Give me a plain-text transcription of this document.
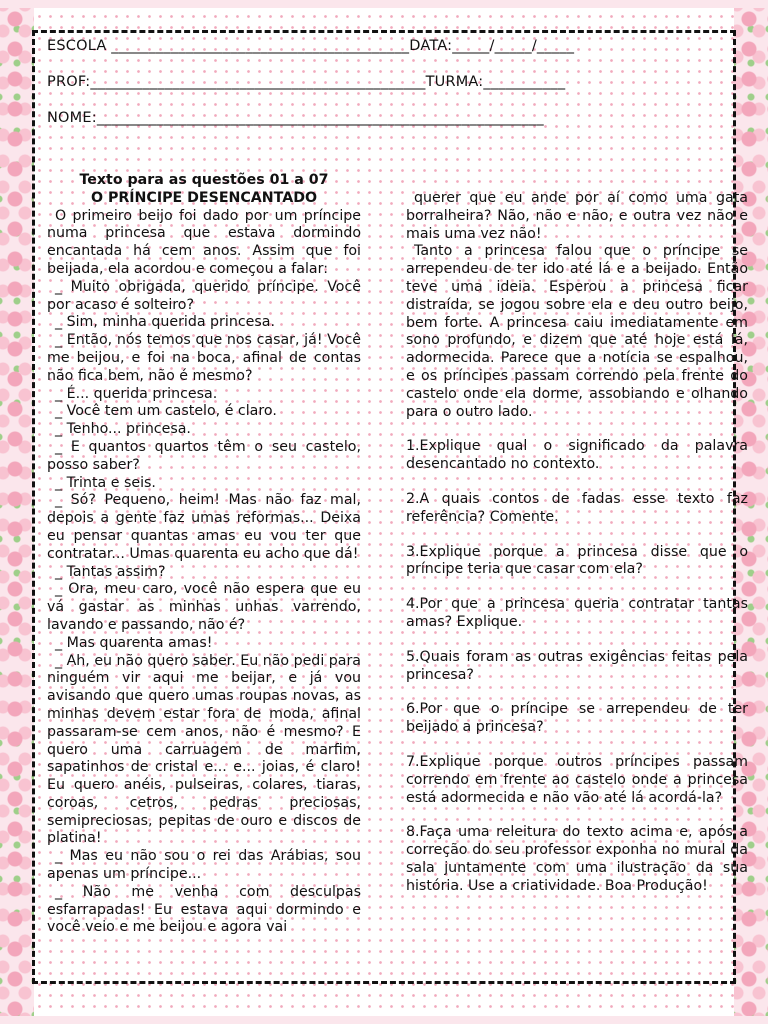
ESCOLA ________________________________________DATA:_____/_____/_____
PROF:_____________________________________________TURMA:___________
NOME:____________________________________________________________

Texto para as questões 01 a 07

O PRÍNCIPE DESENCANTADO

O primeiro beijo foi dado por um príncipe numa princesa que estava dormindo encantada há cem anos. Assim que foi beijada, ela acordou e começou a falar:

_ Muito obrigada, querido príncipe. Você por acaso é solteiro?

_ Sim, minha querida princesa.

_ Então, nós temos que nos casar, já! Você me beijou, e foi na boca, afinal de contas não fica bem, não é mesmo?

_ É... querida princesa.

_ Você tem um castelo, é claro.

_ Tenho... princesa.

_ E quantos quartos têm o seu castelo, posso saber?

_ Trinta e seis.

_ Só? Pequeno, heim! Mas não faz mal, depois a gente faz umas reformas... Deixa eu pensar quantas amas eu vou ter que contratar... Umas quarenta eu acho que dá!

_ Tantas assim?

_ Ora, meu caro, você não espera que eu vá gastar as minhas unhas varrendo, lavando e passando, não é?

_ Mas quarenta amas!

_ Ah, eu não quero saber. Eu não pedi para ninguém vir aqui me beijar, e já vou avisando que quero umas roupas novas, as minhas devem estar fora de moda, afinal passaram-se cem anos, não é mesmo? E quero uma carruagem de marfim, sapatinhos de cristal e... e... joias, é claro! Eu quero anéis, pulseiras, colares, tiaras, coroas, cetros, pedras preciosas, semipreciosas, pepitas de ouro e discos de platina!

_ Mas eu não sou o rei das Arábias, sou apenas um príncipe...

_ Não me venha com desculpas esfarrapadas! Eu estava aqui dormindo e você veio e me beijou e agora vai

querer que eu ande por aí como uma gata borralheira? Não, não e não, e outra vez não e mais uma vez não!

Tanto a princesa falou que o príncipe se arrependeu de ter ido até lá e a beijado. Então teve uma ideia. Esperou a princesa ficar distraída, se jogou sobre ela e deu outro beijo, bem forte. A princesa caiu imediatamente em sono profundo, e dizem que até hoje está lá, adormecida. Parece que a notícia se espalhou, e os príncipes passam correndo pela frente do castelo onde ela dorme, assobiando e olhando para o outro lado.

1.Explique qual o significado da palavra desencantado no contexto.

2.A quais contos de fadas esse texto faz referência? Comente.

3.Explique porque a princesa disse que o príncipe teria que casar com ela?

4.Por que a princesa queria contratar tantas amas? Explique.

5.Quais foram as outras exigências feitas pela princesa?

6.Por que o príncipe se arrependeu de ter beijado a princesa?

7.Explique porque outros príncipes passam correndo em frente ao castelo onde a princesa está adormecida e não vão até lá acordá-la?

8.Faça uma releitura do texto acima e, após a correção do seu professor exponha no mural da sala juntamente com uma ilustração da sua história. Use a criatividade. Boa Produção!
